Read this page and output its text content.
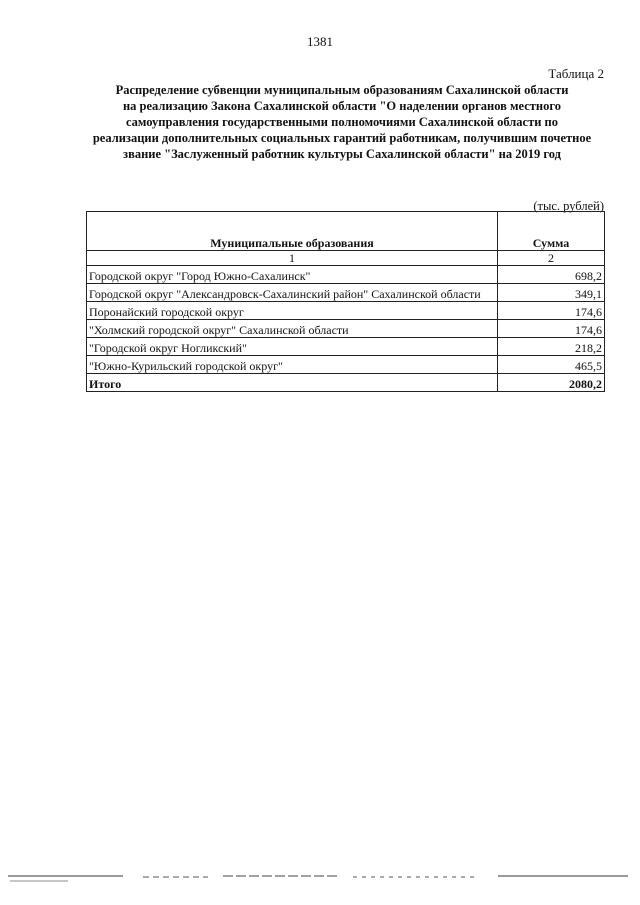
1381
Таблица 2
Распределение субвенции муниципальным образованиям Сахалинской области
на реализацию Закона Сахалинской области "О наделении органов местного
самоуправления государственными полномочиями Сахалинской области по
реализации дополнительных социальных гарантий работникам, получившим почетное
звание "Заслуженный работник культуры Сахалинской области" на 2019 год
(тыс. рублей)
Муниципальные образования	Сумма
1	2
Городской округ "Город Южно-Сахалинск"	698,2
Городской округ "Александровск-Сахалинский район" Сахалинской области	349,1
Поронайский городской округ	174,6
"Холмский городской округ" Сахалинской области	174,6
"Городской округ Ногликский"	218,2
"Южно-Курильский городской округ"	465,5
Итого	2080,2
